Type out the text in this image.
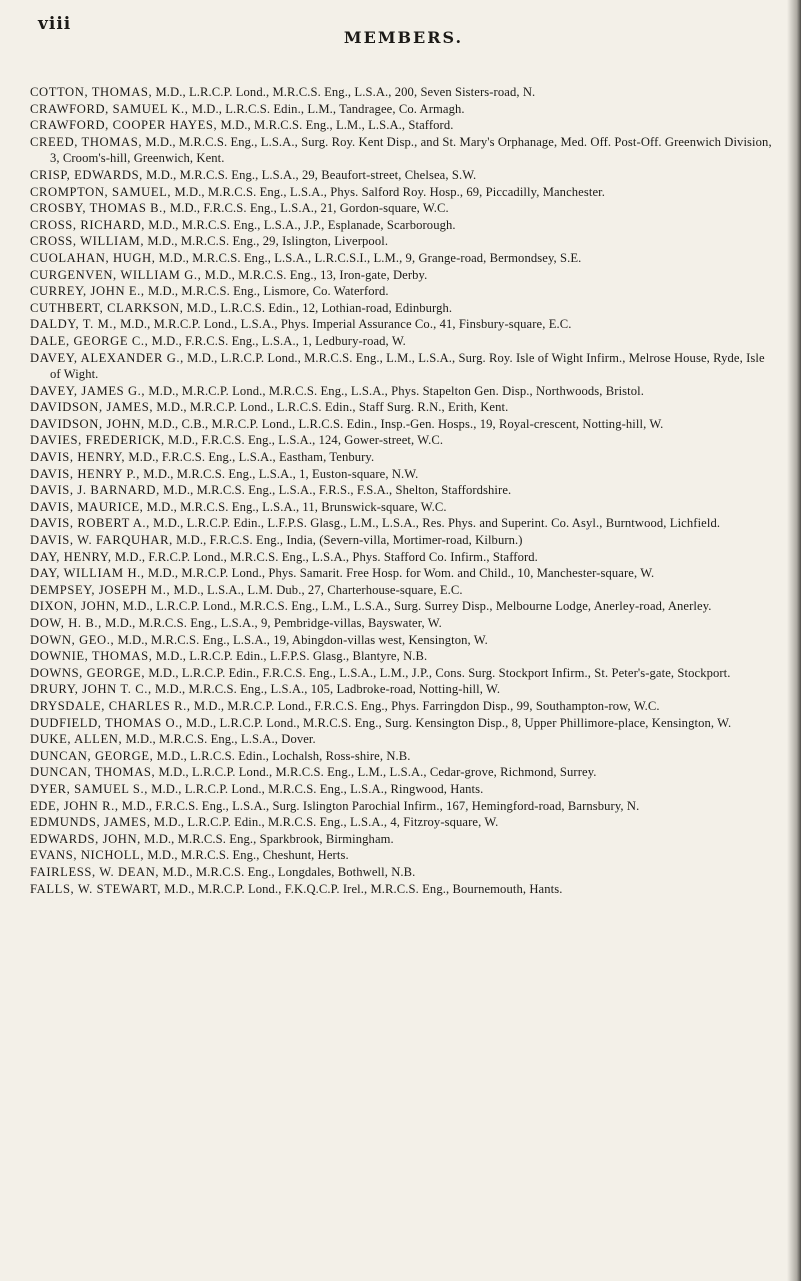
viii
MEMBERS.

COTTON, THOMAS, M.D., L.R.C.P. Lond., M.R.C.S. Eng., L.S.A., 200, Seven Sisters-road, N.

CRAWFORD, SAMUEL K., M.D., L.R.C.S. Edin., L.M., Tandragee, Co. Armagh.

CRAWFORD, COOPER HAYES, M.D., M.R.C.S. Eng., L.M., L.S.A., Stafford.

CREED, THOMAS, M.D., M.R.C.S. Eng., L.S.A., Surg. Roy. Kent Disp., and St. Mary's Orphanage, Med. Off. Post-Off. Greenwich Division, 3, Croom's-hill, Greenwich, Kent.

CRISP, EDWARDS, M.D., M.R.C.S. Eng., L.S.A., 29, Beaufort-street, Chelsea, S.W.

CROMPTON, SAMUEL, M.D., M.R.C.S. Eng., L.S.A., Phys. Salford Roy. Hosp., 69, Piccadilly, Manchester.

CROSBY, THOMAS B., M.D., F.R.C.S. Eng., L.S.A., 21, Gordon-square, W.C.

CROSS, RICHARD, M.D., M.R.C.S. Eng., L.S.A., J.P., Esplanade, Scarborough.

CROSS, WILLIAM, M.D., M.R.C.S. Eng., 29, Islington, Liverpool.

CUOLAHAN, HUGH, M.D., M.R.C.S. Eng., L.S.A., L.R.C.S.I., L.M., 9, Grange-road, Bermondsey, S.E.

CURGENVEN, WILLIAM G., M.D., M.R.C.S. Eng., 13, Iron-gate, Derby.

CURREY, JOHN E., M.D., M.R.C.S. Eng., Lismore, Co. Waterford.

CUTHBERT, CLARKSON, M.D., L.R.C.S. Edin., 12, Lothian-road, Edinburgh.

DALDY, T. M., M.D., M.R.C.P. Lond., L.S.A., Phys. Imperial Assurance Co., 41, Finsbury-square, E.C.

DALE, GEORGE C., M.D., F.R.C.S. Eng., L.S.A., 1, Ledbury-road, W.

DAVEY, ALEXANDER G., M.D., L.R.C.P. Lond., M.R.C.S. Eng., L.M., L.S.A., Surg. Roy. Isle of Wight Infirm., Melrose House, Ryde, Isle of Wight.

DAVEY, JAMES G., M.D., M.R.C.P. Lond., M.R.C.S. Eng., L.S.A., Phys. Stapelton Gen. Disp., Northwoods, Bristol.

DAVIDSON, JAMES, M.D., M.R.C.P. Lond., L.R.C.S. Edin., Staff Surg. R.N., Erith, Kent.

DAVIDSON, JOHN, M.D., C.B., M.R.C.P. Lond., L.R.C.S. Edin., Insp.-Gen. Hosps., 19, Royal-crescent, Notting-hill, W.

DAVIES, FREDERICK, M.D., F.R.C.S. Eng., L.S.A., 124, Gower-street, W.C.

DAVIS, HENRY, M.D., F.R.C.S. Eng., L.S.A., Eastham, Tenbury.

DAVIS, HENRY P., M.D., M.R.C.S. Eng., L.S.A., 1, Euston-square, N.W.

DAVIS, J. BARNARD, M.D., M.R.C.S. Eng., L.S.A., F.R.S., F.S.A., Shelton, Staffordshire.

DAVIS, MAURICE, M.D., M.R.C.S. Eng., L.S.A., 11, Brunswick-square, W.C.

DAVIS, ROBERT A., M.D., L.R.C.P. Edin., L.F.P.S. Glasg., L.M., L.S.A., Res. Phys. and Superint. Co. Asyl., Burntwood, Lichfield.

DAVIS, W. FARQUHAR, M.D., F.R.C.S. Eng., India, (Severn-villa, Mortimer-road, Kilburn.)

DAY, HENRY, M.D., F.R.C.P. Lond., M.R.C.S. Eng., L.S.A., Phys. Stafford Co. Infirm., Stafford.

DAY, WILLIAM H., M.D., M.R.C.P. Lond., Phys. Samarit. Free Hosp. for Wom. and Child., 10, Manchester-square, W.

DEMPSEY, JOSEPH M., M.D., L.S.A., L.M. Dub., 27, Charterhouse-square, E.C.

DIXON, JOHN, M.D., L.R.C.P. Lond., M.R.C.S. Eng., L.M., L.S.A., Surg. Surrey Disp., Melbourne Lodge, Anerley-road, Anerley.

DOW, H. B., M.D., M.R.C.S. Eng., L.S.A., 9, Pembridge-villas, Bayswater, W.

DOWN, GEO., M.D., M.R.C.S. Eng., L.S.A., 19, Abingdon-villas west, Kensington, W.

DOWNIE, THOMAS, M.D., L.R.C.P. Edin., L.F.P.S. Glasg., Blantyre, N.B.

DOWNS, GEORGE, M.D., L.R.C.P. Edin., F.R.C.S. Eng., L.S.A., L.M., J.P., Cons. Surg. Stockport Infirm., St. Peter's-gate, Stockport.

DRURY, JOHN T. C., M.D., M.R.C.S. Eng., L.S.A., 105, Ladbroke-road, Notting-hill, W.

DRYSDALE, CHARLES R., M.D., M.R.C.P. Lond., F.R.C.S. Eng., Phys. Farringdon Disp., 99, Southampton-row, W.C.

DUDFIELD, THOMAS O., M.D., L.R.C.P. Lond., M.R.C.S. Eng., Surg. Kensington Disp., 8, Upper Phillimore-place, Kensington, W.

DUKE, ALLEN, M.D., M.R.C.S. Eng., L.S.A., Dover.

DUNCAN, GEORGE, M.D., L.R.C.S. Edin., Lochalsh, Ross-shire, N.B.

DUNCAN, THOMAS, M.D., L.R.C.P. Lond., M.R.C.S. Eng., L.M., L.S.A., Cedar-grove, Richmond, Surrey.

DYER, SAMUEL S., M.D., L.R.C.P. Lond., M.R.C.S. Eng., L.S.A., Ringwood, Hants.

EDE, JOHN R., M.D., F.R.C.S. Eng., L.S.A., Surg. Islington Parochial Infirm., 167, Hemingford-road, Barnsbury, N.

EDMUNDS, JAMES, M.D., L.R.C.P. Edin., M.R.C.S. Eng., L.S.A., 4, Fitzroy-square, W.

EDWARDS, JOHN, M.D., M.R.C.S. Eng., Sparkbrook, Birmingham.

EVANS, NICHOLL, M.D., M.R.C.S. Eng., Cheshunt, Herts.

FAIRLESS, W. DEAN, M.D., M.R.C.S. Eng., Longdales, Bothwell, N.B.

FALLS, W. STEWART, M.D., M.R.C.P. Lond., F.K.Q.C.P. Irel., M.R.C.S. Eng., Bournemouth, Hants.
